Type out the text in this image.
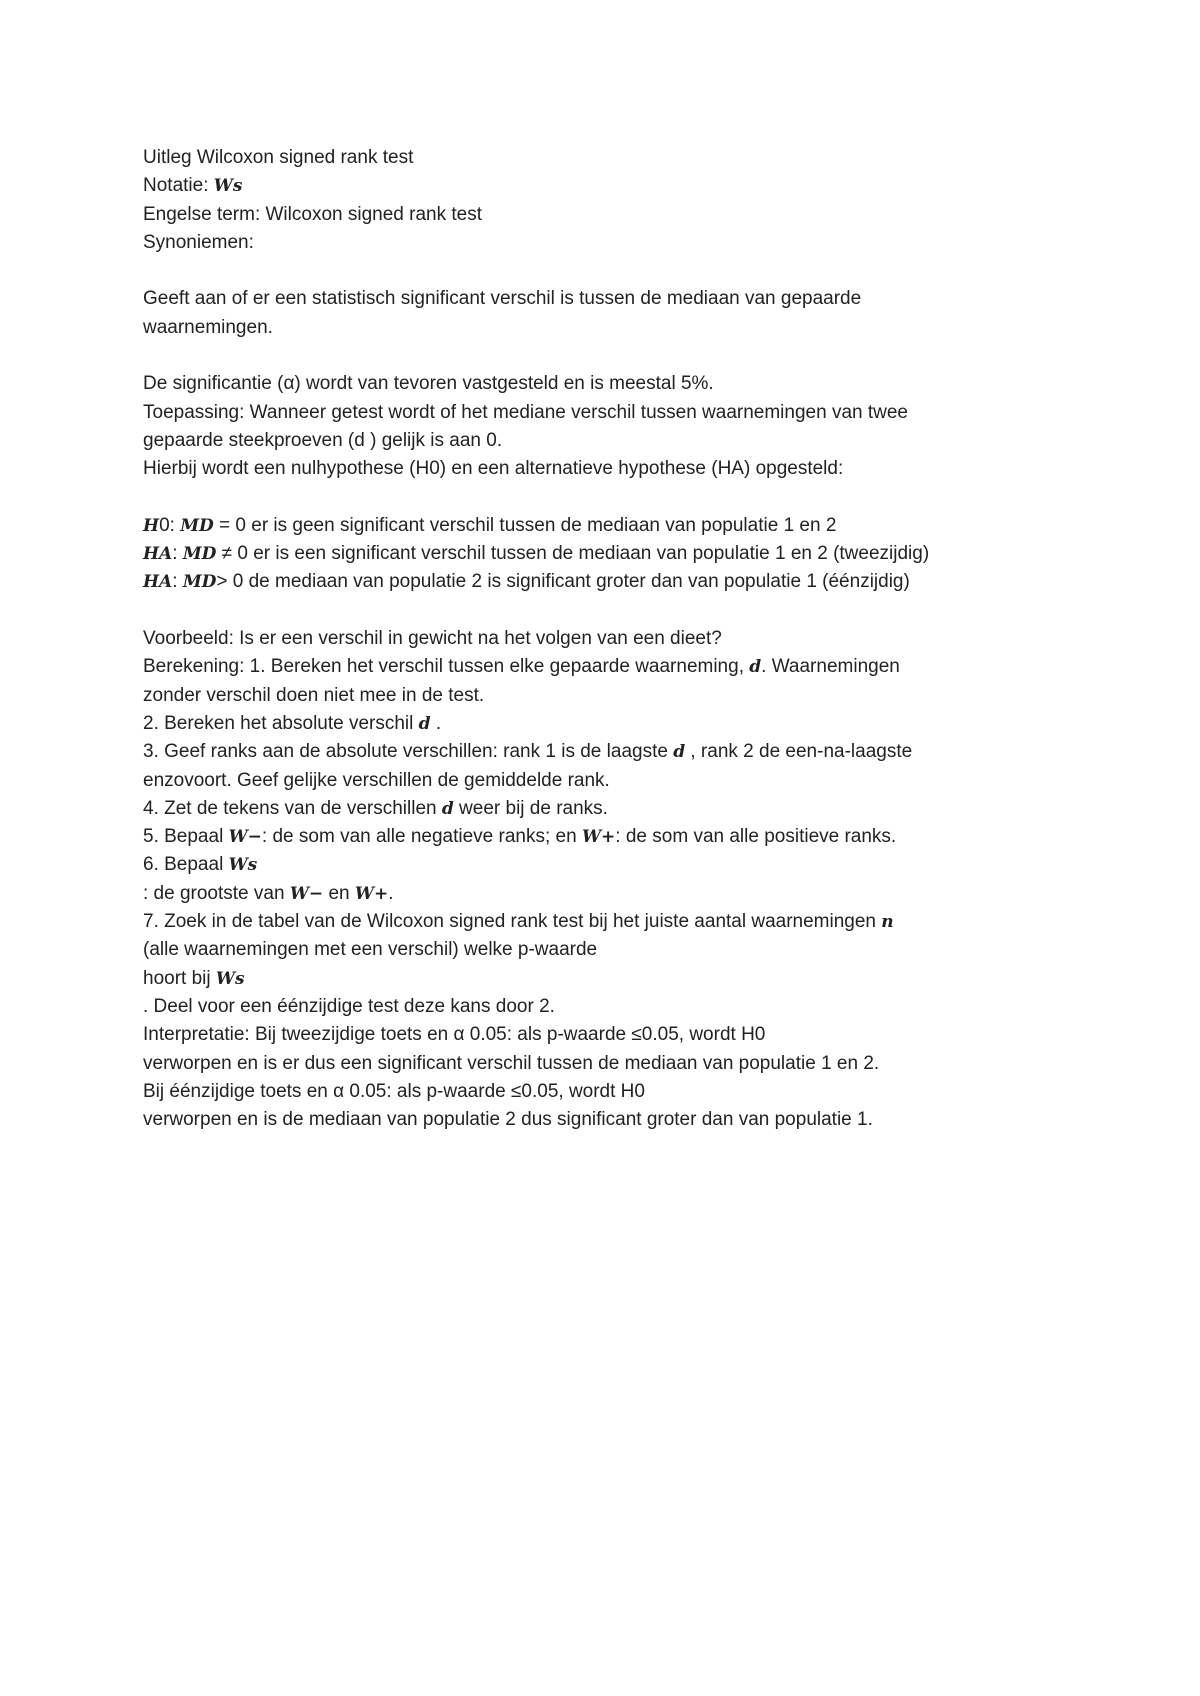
Uitleg Wilcoxon signed rank test
Notatie: Ws
Engelse term: Wilcoxon signed rank test
Synoniemen:
Geeft aan of er een statistisch significant verschil is tussen de mediaan van gepaarde
waarnemingen.
De significantie (α) wordt van tevoren vastgesteld en is meestal 5%.
Toepassing: Wanneer getest wordt of het mediane verschil tussen waarnemingen van twee
gepaarde steekproeven (d ) gelijk is aan 0.
Hierbij wordt een nulhypothese (H0) en een alternatieve hypothese (HA) opgesteld:
H0: MD = 0 er is geen significant verschil tussen de mediaan van populatie 1 en 2
HA: MD ≠ 0 er is een significant verschil tussen de mediaan van populatie 1 en 2 (tweezijdig)
HA: MD> 0 de mediaan van populatie 2 is significant groter dan van populatie 1 (éénzijdig)
Voorbeeld: Is er een verschil in gewicht na het volgen van een dieet?
Berekening: 1. Bereken het verschil tussen elke gepaarde waarneming, d. Waarnemingen
zonder verschil doen niet mee in de test.
2. Bereken het absolute verschil d .
3. Geef ranks aan de absolute verschillen: rank 1 is de laagste d , rank 2 de een-na-laagste
enzovoort. Geef gelijke verschillen de gemiddelde rank.
4. Zet de tekens van de verschillen d weer bij de ranks.
5. Bepaal W−: de som van alle negatieve ranks; en W+: de som van alle positieve ranks.
6. Bepaal Ws
: de grootste van W− en W+.
7. Zoek in de tabel van de Wilcoxon signed rank test bij het juiste aantal waarnemingen n
(alle waarnemingen met een verschil) welke p-waarde
hoort bij Ws
. Deel voor een éénzijdige test deze kans door 2.
Interpretatie: Bij tweezijdige toets en α 0.05: als p-waarde ≤0.05, wordt H0
verworpen en is er dus een significant verschil tussen de mediaan van populatie 1 en 2.
Bij éénzijdige toets en α 0.05: als p-waarde ≤0.05, wordt H0
verworpen en is de mediaan van populatie 2 dus significant groter dan van populatie 1.
